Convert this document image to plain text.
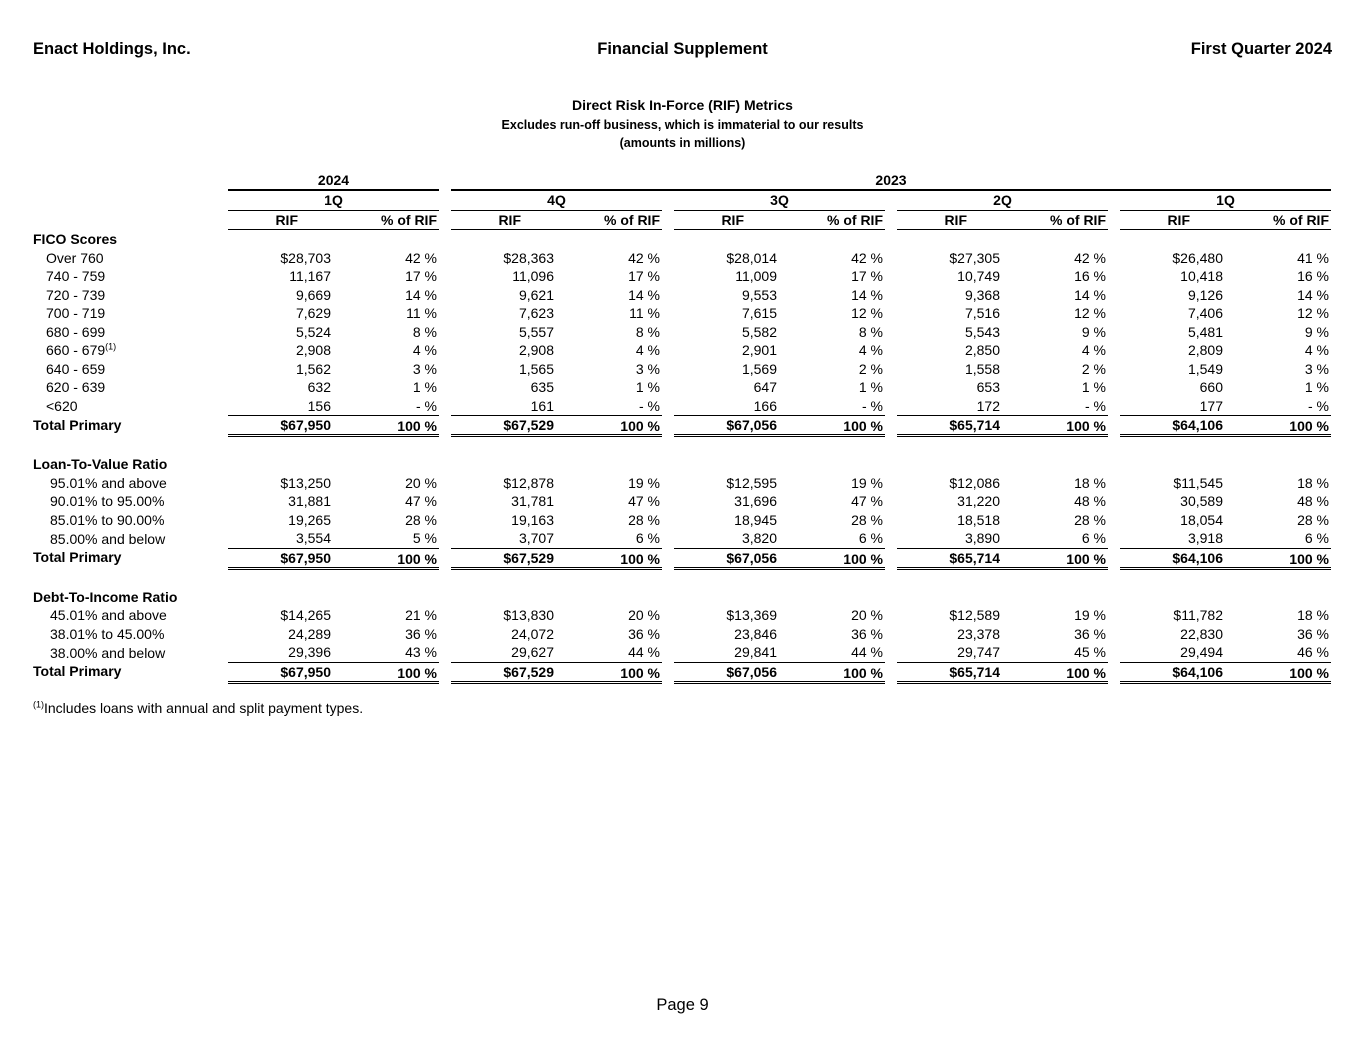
Enact Holdings, Inc.	Financial Supplement	First Quarter 2024
Direct Risk In-Force (RIF) Metrics
Excludes run-off business, which is immaterial to our results
(amounts in millions)
	2024			2023										
	1Q			4Q			3Q			2Q			1Q	
	RIF	% of RIF		RIF	% of RIF		RIF	% of RIF		RIF	% of RIF		RIF	% of RIF
FICO Scores														
Over 760	$28,703	42 %		$28,363	42 %		$28,014	42 %		$27,305	42 %		$26,480	41 %
740 - 759	11,167	17 %		11,096	17 %		11,009	17 %		10,749	16 %		10,418	16 %
720 - 739	9,669	14 %		9,621	14 %		9,553	14 %		9,368	14 %		9,126	14 %
700 - 719	7,629	11 %		7,623	11 %		7,615	12 %		7,516	12 %		7,406	12 %
680 - 699	5,524	8 %		5,557	8 %		5,582	8 %		5,543	9 %		5,481	9 %
660 - 679$^{(1)}$	2,908	4 %		2,908	4 %		2,901	4 %		2,850	4 %		2,809	4 %
640 - 659	1,562	3 %		1,565	3 %		1,569	2 %		1,558	2 %		1,549	3 %
620 - 639	632	1 %		635	1 %		647	1 %		653	1 %		660	1 %
<620	156	- %		161	- %		166	- %		172	- %		177	- %
Total Primary	$67,950	100 %		$67,529	100 %		$67,056	100 %		$65,714	100 %		$64,106	100 %

Loan-To-Value Ratio														
95.01% and above	$13,250	20 %		$12,878	19 %		$12,595	19 %		$12,086	18 %		$11,545	18 %
90.01% to 95.00%	31,881	47 %		31,781	47 %		31,696	47 %		31,220	48 %		30,589	48 %
85.01% to 90.00%	19,265	28 %		19,163	28 %		18,945	28 %		18,518	28 %		18,054	28 %
85.00% and below	3,554	5 %		3,707	6 %		3,820	6 %		3,890	6 %		3,918	6 %
Total Primary	$67,950	100 %		$67,529	100 %		$67,056	100 %		$65,714	100 %		$64,106	100 %

Debt-To-Income Ratio														
45.01% and above	$14,265	21 %		$13,830	20 %		$13,369	20 %		$12,589	19 %		$11,782	18 %
38.01% to 45.00%	24,289	36 %		24,072	36 %		23,846	36 %		23,378	36 %		22,830	36 %
38.00% and below	29,396	43 %		29,627	44 %		29,841	44 %		29,747	45 %		29,494	46 %
Total Primary	$67,950	100 %		$67,529	100 %		$67,056	100 %		$65,714	100 %		$64,106	100 %
$^{(1)}$Includes loans with annual and split payment types.
Page 9
